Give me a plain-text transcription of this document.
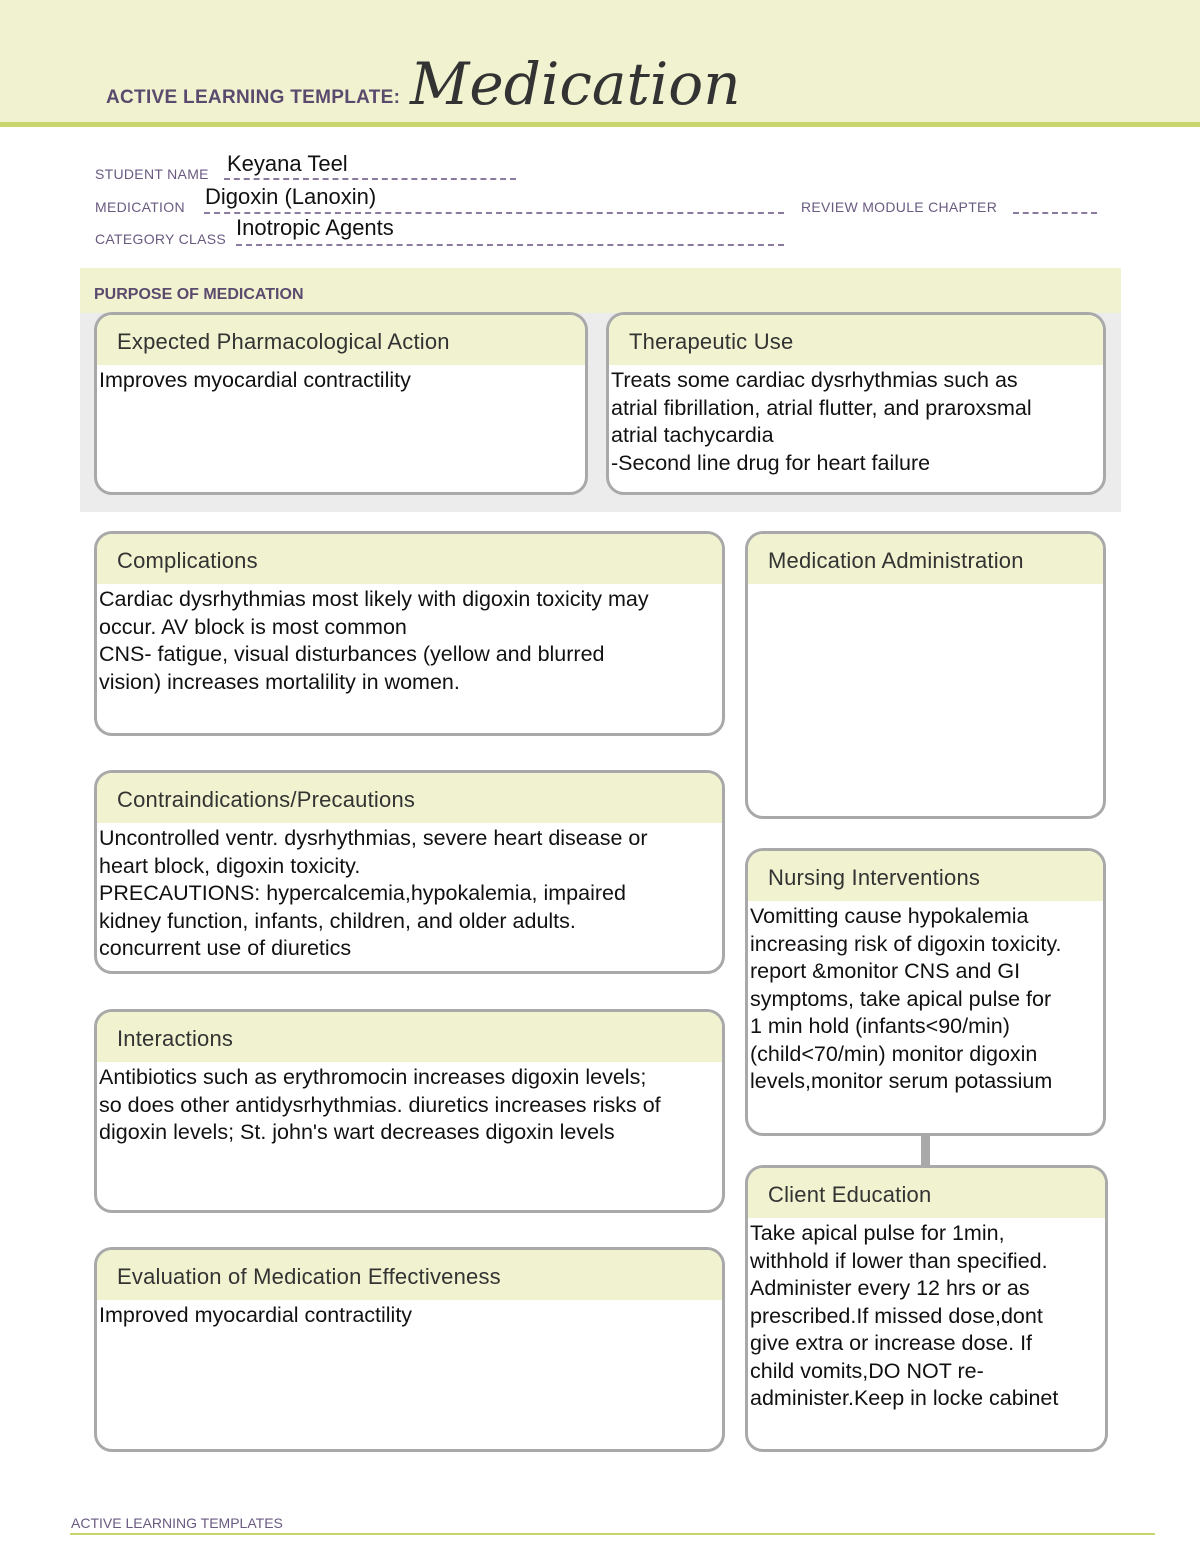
ACTIVE LEARNING TEMPLATE: Medication
STUDENT NAME Keyana Teel
MEDICATION Digoxin (Lanoxin)	REVIEW MODULE CHAPTER
CATEGORY CLASS Inotropic Agents
PURPOSE OF MEDICATION
Expected Pharmacological Action
Improves myocardial contractility
Therapeutic Use
Treats some cardiac dysrhythmias such as
atrial fibrillation, atrial flutter, and praroxsmal
atrial tachycardia
-Second line drug for heart failure
Complications
Cardiac dysrhythmias most likely with digoxin toxicity may
occur. AV block is most common
CNS- fatigue, visual disturbances (yellow and blurred
vision) increases mortalility in women.
Medication Administration
Contraindications/Precautions
Uncontrolled ventr. dysrhythmias, severe heart disease or
heart block, digoxin toxicity.
PRECAUTIONS: hypercalcemia,hypokalemia, impaired
kidney function, infants, children, and older adults.
concurrent use of diuretics
Nursing Interventions
Vomitting cause hypokalemia
increasing risk of digoxin toxicity.
report &monitor CNS and GI
symptoms, take apical pulse for
1 min hold (infants<90/min)
(child<70/min) monitor digoxin
levels,monitor serum potassium
Interactions
Antibiotics such as erythromocin increases digoxin levels;
so does other antidysrhythmias. diuretics increases risks of
digoxin levels; St. john's wart decreases digoxin levels
Client Education
Take apical pulse for 1min,
withhold if lower than specified.
Administer every 12 hrs or as
prescribed.If missed dose,dont
give extra or increase dose. If
child vomits,DO NOT re-
administer.Keep in locke cabinet
Evaluation of Medication Effectiveness
Improved myocardial contractility
ACTIVE LEARNING TEMPLATES
